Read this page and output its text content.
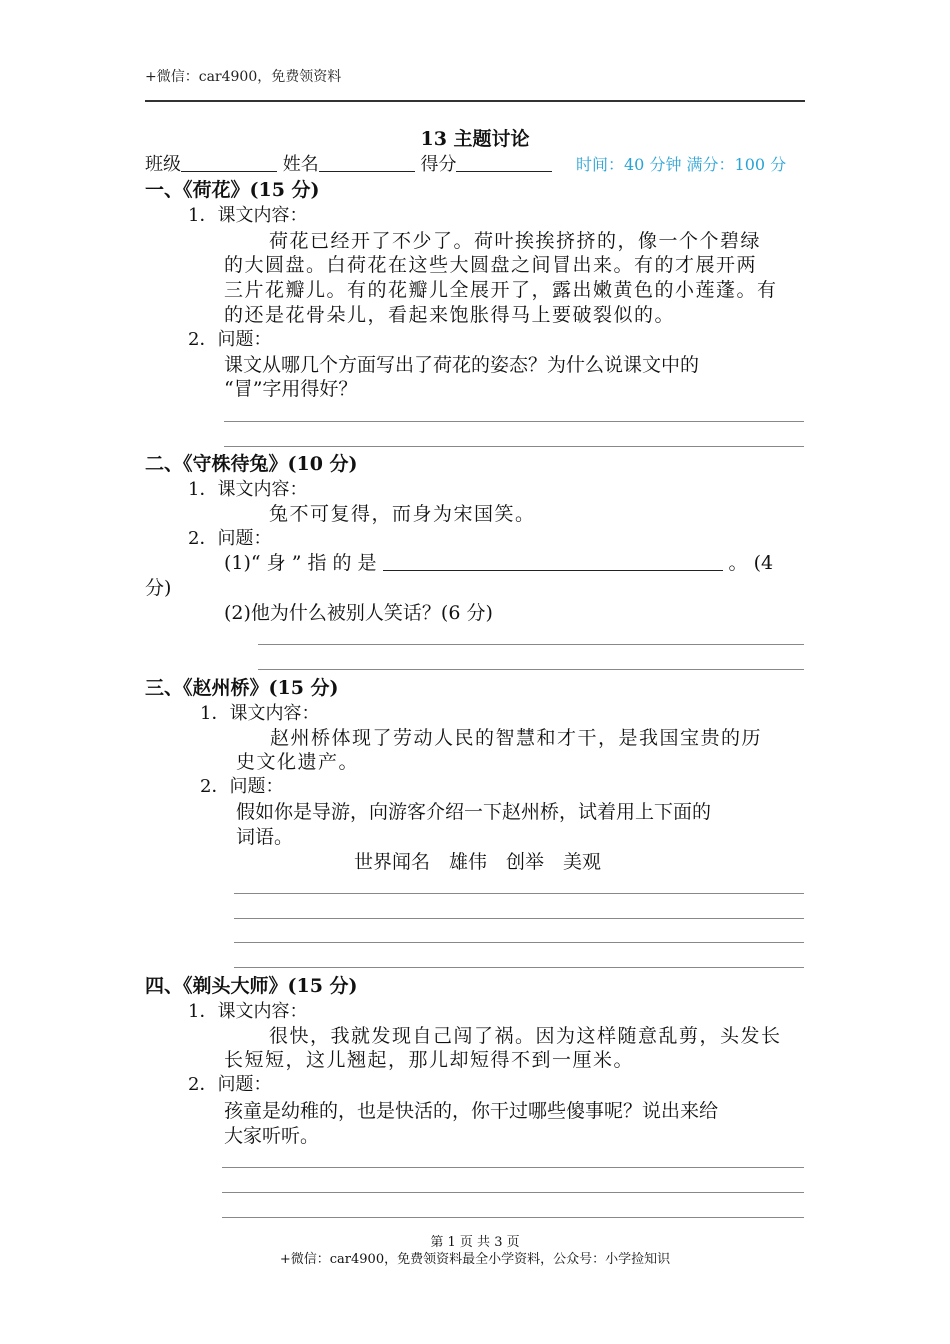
+微信：car4900，免费领资料
13 主题讨论
班级	姓名	得分	时间：40 分钟 满分：100 分
一、《荷花》(15 分)
1．课文内容：
荷花已经开了不少了。荷叶挨挨挤挤的，像一个个碧绿
的大圆盘。白荷花在这些大圆盘之间冒出来。有的才展开两
三片花瓣儿。有的花瓣儿全展开了，露出嫩黄色的小莲蓬。有
的还是花骨朵儿，看起来饱胀得马上要破裂似的。
2．问题：
课文从哪几个方面写出了荷花的姿态？为什么说课文中的
“冒”字用得好？
二、《守株待兔》(10 分)
1．课文内容：
兔不可复得，而身为宋国笑。
2．问题：
(1)“ 身 ” 指 的 是	。 (4
分)
(2)他为什么被别人笑话？(6 分)
三、《赵州桥》(15 分)
1．课文内容：
赵州桥体现了劳动人民的智慧和才干，是我国宝贵的历
史文化遗产。
2．问题：
假如你是导游，向游客介绍一下赵州桥，试着用上下面的
词语。
世界闻名　雄伟　创举　美观
四、《剃头大师》(15 分)
1．课文内容：
很快，我就发现自己闯了祸。因为这样随意乱剪，头发长
长短短，这儿翘起，那儿却短得不到一厘米。
2．问题：
孩童是幼稚的，也是快活的，你干过哪些傻事呢？说出来给
大家听听。
第 1 页 共 3 页
+微信：car4900，免费领资料最全小学资料，公众号：小学捡知识
